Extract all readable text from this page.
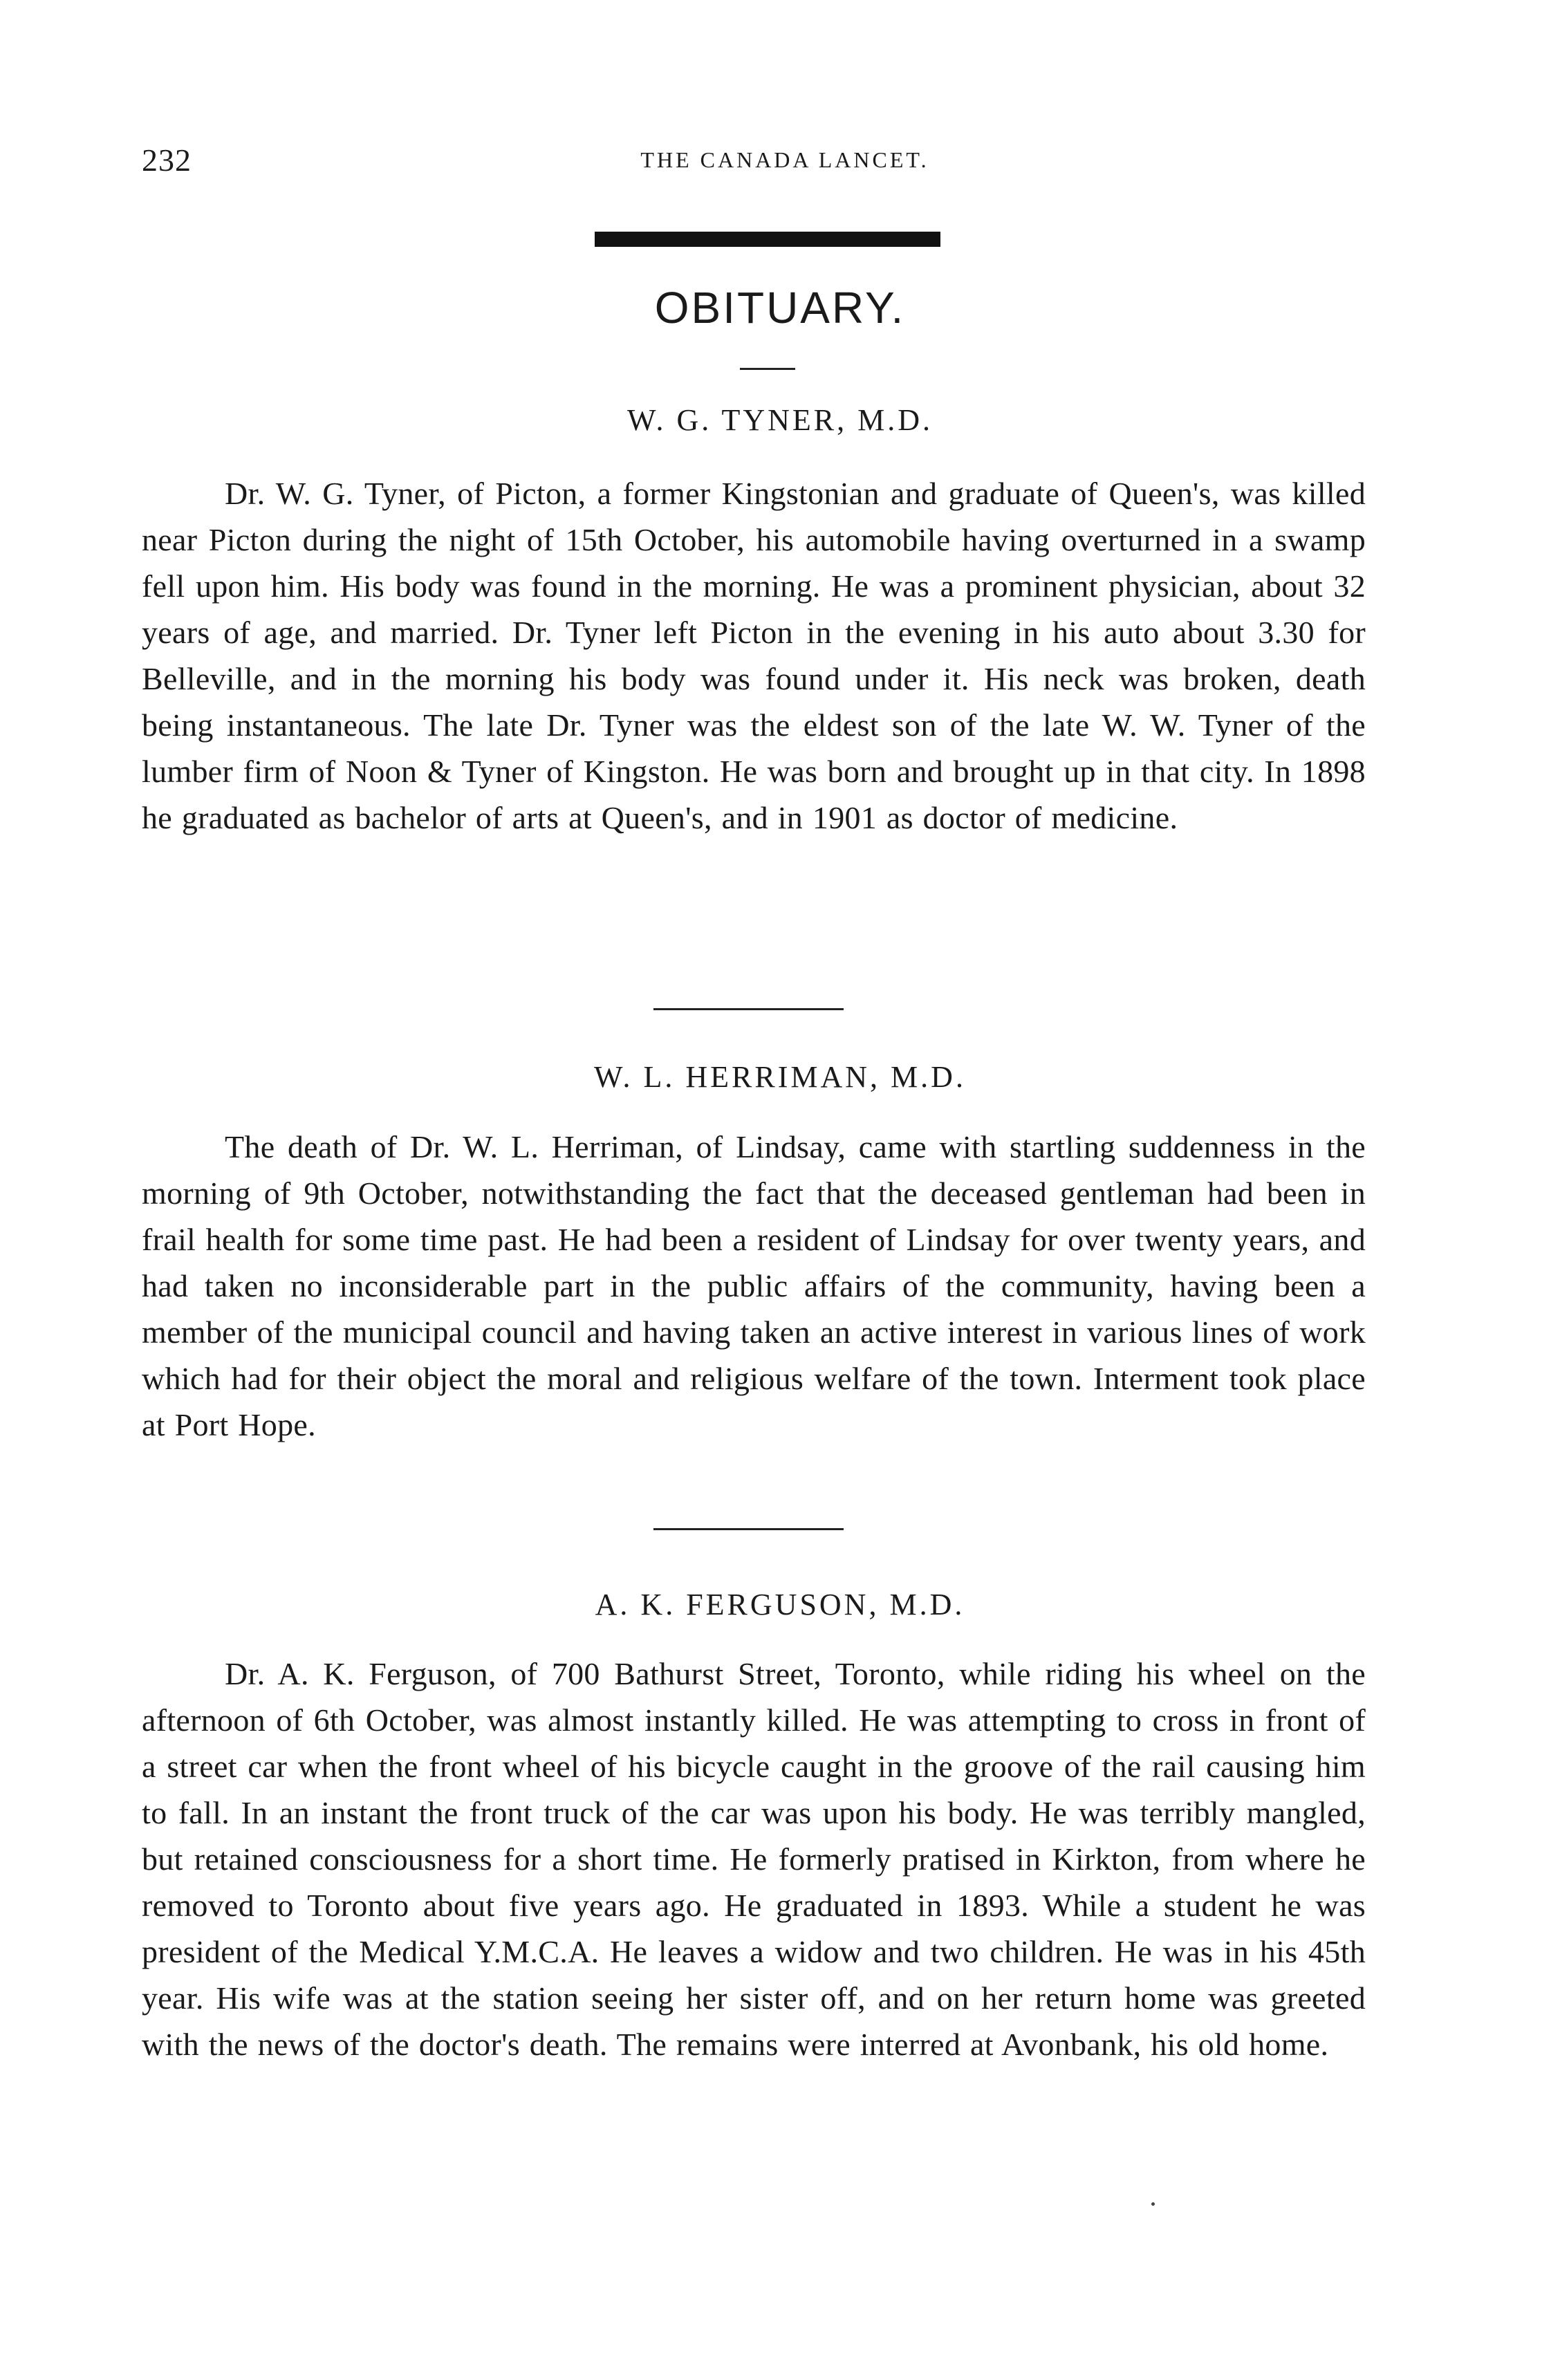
232	THE CANADA LANCET.
OBITUARY.
W. G. TYNER, M.D.
Dr. W. G. Tyner, of Picton, a former Kingstonian and graduate of Queen's, was killed near Picton during the night of 15th October, his automobile having overturned in a swamp fell upon him. His body was found in the morning. He was a prominent physician, about 32 years of age, and married. Dr. Tyner left Picton in the evening in his auto about 3.30 for Belleville, and in the morning his body was found under it. His neck was broken, death being instantaneous. The late Dr. Tyner was the eldest son of the late W. W. Tyner of the lumber firm of Noon & Tyner of Kingston. He was born and brought up in that city. In 1898 he graduated as bachelor of arts at Queen's, and in 1901 as doctor of medicine.
W. L. HERRIMAN, M.D.
The death of Dr. W. L. Herriman, of Lindsay, came with startling suddenness in the morning of 9th October, notwithstanding the fact that the deceased gentleman had been in frail health for some time past. He had been a resident of Lindsay for over twenty years, and had taken no inconsiderable part in the public affairs of the community, having been a member of the municipal council and having taken an active interest in various lines of work which had for their object the moral and religious welfare of the town. Interment took place at Port Hope.
A. K. FERGUSON, M.D.
Dr. A. K. Ferguson, of 700 Bathurst Street, Toronto, while riding his wheel on the afternoon of 6th October, was almost instantly killed. He was attempting to cross in front of a street car when the front wheel of his bicycle caught in the groove of the rail causing him to fall. In an instant the front truck of the car was upon his body. He was terribly mangled, but retained consciousness for a short time. He formerly pratised in Kirkton, from where he removed to Toronto about five years ago. He graduated in 1893. While a student he was president of the Medical Y.M.C.A. He leaves a widow and two children. He was in his 45th year. His wife was at the station seeing her sister off, and on her return home was greeted with the news of the doctor's death. The remains were interred at Avonbank, his old home.
